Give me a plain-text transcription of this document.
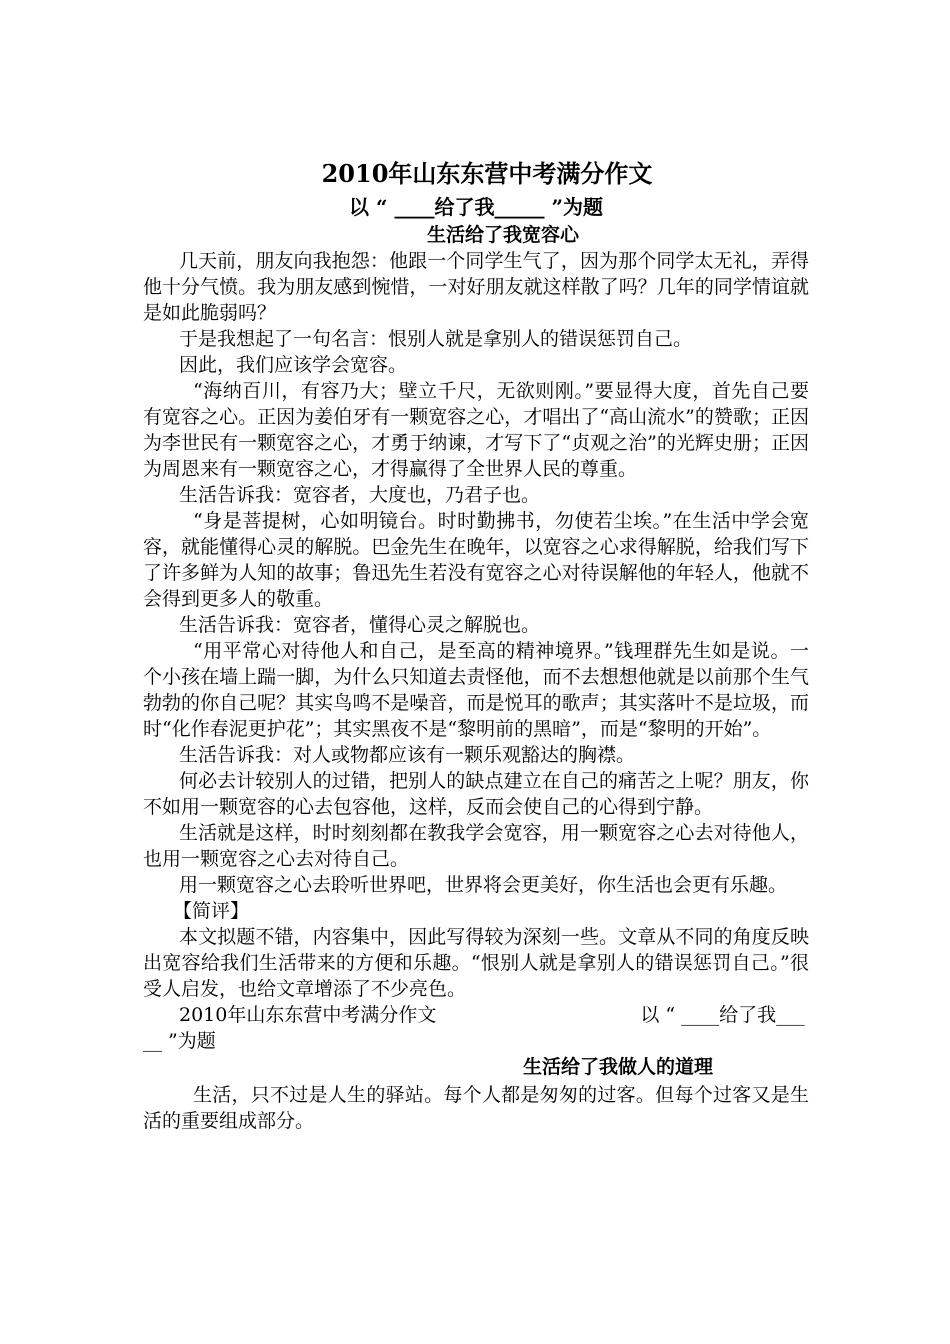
2010年山东东营中考满分作文
以 “ ____给了我_____ ”为题
生活给了我宽容心

几天前，朋友向我抱怨：他跟一个同学生气了，因为那个同学太无礼，弄得他十分气愤。我为朋友感到惋惜，一对好朋友就这样散了吗？几年的同学情谊就是如此脆弱吗？

于是我想起了一句名言：恨别人就是拿别人的错误惩罚自己。

因此，我们应该学会宽容。

“海纳百川，有容乃大；壁立千尺，无欲则刚。”要显得大度，首先自己要有宽容之心。正因为姜伯牙有一颗宽容之心，才唱出了“高山流水”的赞歌；正因为李世民有一颗宽容之心，才勇于纳谏，才写下了“贞观之治”的光辉史册；正因为周恩来有一颗宽容之心，才得赢得了全世界人民的尊重。

生活告诉我：宽容者，大度也，乃君子也。

“身是菩提树，心如明镜台。时时勤拂书，勿使若尘埃。”在生活中学会宽容，就能懂得心灵的解脱。巴金先生在晚年，以宽容之心求得解脱，给我们写下了许多鲜为人知的故事；鲁迅先生若没有宽容之心对待误解他的年轻人，他就不会得到更多人的敬重。

生活告诉我：宽容者，懂得心灵之解脱也。

“用平常心对待他人和自己，是至高的精神境界。”钱理群先生如是说。一个小孩在墙上踹一脚，为什么只知道去责怪他，而不去想想他就是以前那个生气勃勃的你自己呢？其实鸟鸣不是噪音，而是悦耳的歌声；其实落叶不是垃圾，而时“化作春泥更护花”；其实黑夜不是“黎明前的黑暗”，而是“黎明的开始”。

生活告诉我：对人或物都应该有一颗乐观豁达的胸襟。

何必去计较别人的过错，把别人的缺点建立在自己的痛苦之上呢？朋友，你不如用一颗宽容的心去包容他，这样，反而会使自己的心得到宁静。

生活就是这样，时时刻刻都在教我学会宽容，用一颗宽容之心去对待他人，也用一颗宽容之心去对待自己。

用一颗宽容之心去聆听世界吧，世界将会更美好，你生活也会更有乐趣。

【简评】

本文拟题不错，内容集中，因此写得较为深刻一些。文章从不同的角度反映出宽容给我们生活带来的方便和乐趣。“恨别人就是拿别人的错误惩罚自己。”很受人启发，也给文章增添了不少亮色。

2010年山东东营中考满分作文	以 “ ____给了我_____ ”为题

生活给了我做人的道理

生活，只不过是人生的驿站。每个人都是匆匆的过客。但每个过客又是生活的重要组成部分。
